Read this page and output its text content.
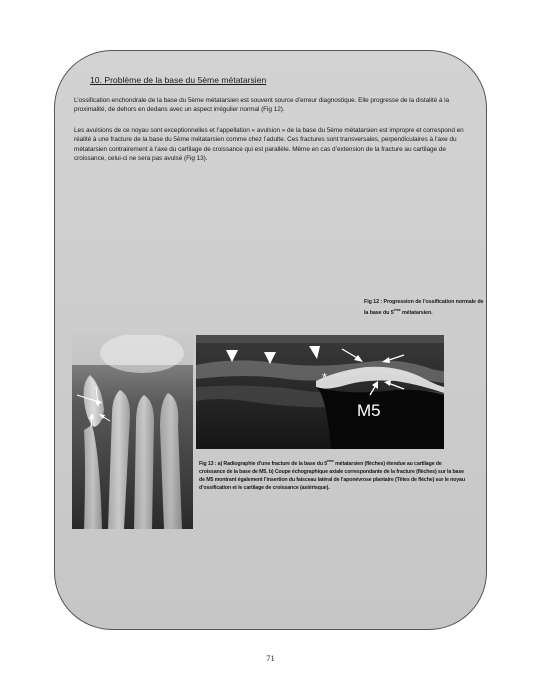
10. Problème de la base du 5ème métatarsien

L’ossification enchondrale de la base du 5ème métatarsien est souvent source d’erreur diagnostique. Elle progresse de la distalité à la proximalité, de dehors en dedans avec un aspect irrégulier normal (Fig 12).

Les avulsions de ce noyau sont exceptionnelles et l’appellation « avulsion » de la base du 5ème métatarsien est impropre et correspond en réalité à une fracture de la base du 5ème métatarsien comme chez l’adulte. Ces fractures sont transversales, perpendiculaires à l’axe du métatarsien contrairement à l’axe du cartilage de croissance qui est parallèle. Même en cas d’extension de la fracture au cartilage de croissance, celui-ci ne sera pas avulsé (Fig 13).

Fig 12 : Progression de l’ossification normale de la base du 5ème métatarsien.
*
M5
Fig 13 : a) Radiographie d’une fracture de la base du 5ème métatarsien (flèches) étendue au cartilage de croissance de la base de M5. b) Coupe échographique axiale correspondante de la fracture (flèches) sur la base de M5 montrant également l’insertion du faisceau latéral de l’aponévrose plantaire (Têtes de flèche) sur le noyau d’ossification et le cartilage de croissance (astérisque).
71
